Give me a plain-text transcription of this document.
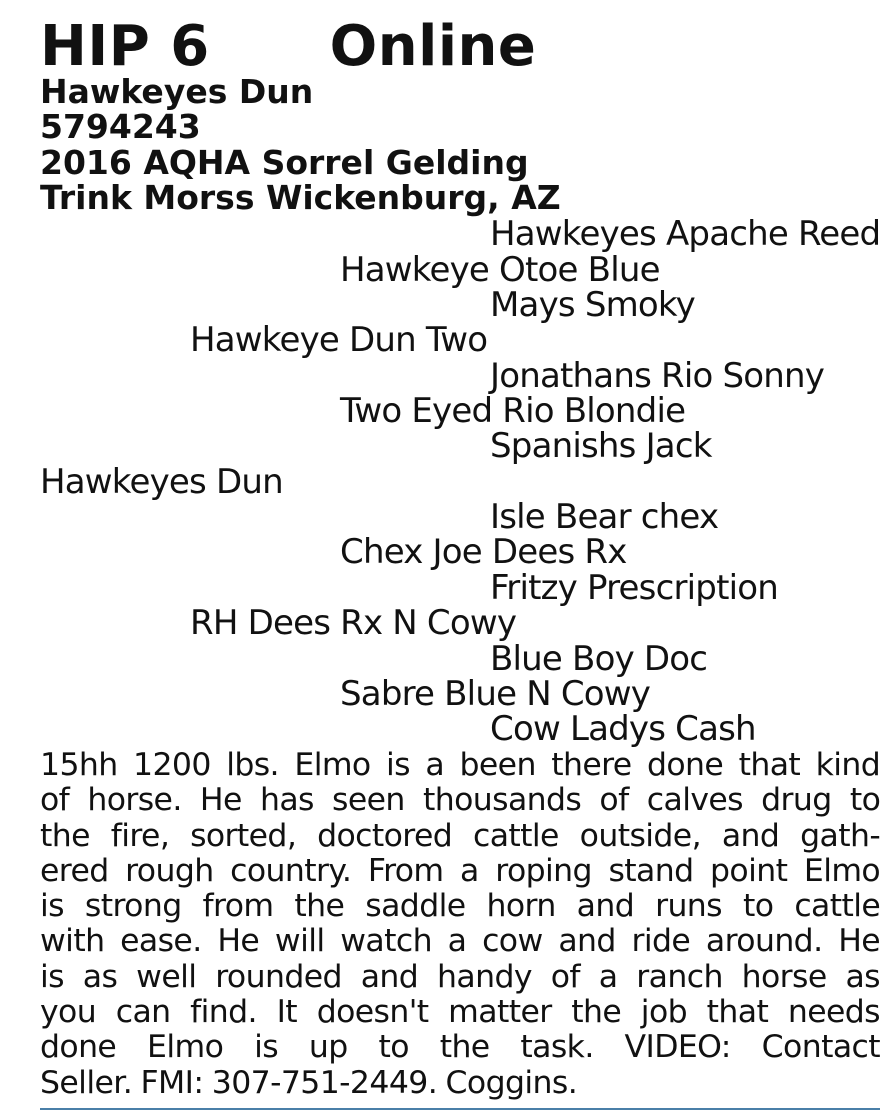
HIP 6      Online
Hawkeyes Dun
5794243
2016 AQHA Sorrel Gelding
Trink Morss Wickenburg, AZ
Hawkeyes Apache Reed
Hawkeye Otoe Blue
Mays Smoky
Hawkeye Dun Two
Jonathans Rio Sonny
Two Eyed Rio Blondie
Spanishs Jack
Hawkeyes Dun
Isle Bear chex
Chex Joe Dees Rx
Fritzy Prescription
RH Dees Rx N Cowy
Blue Boy Doc
Sabre Blue N Cowy
Cow Ladys Cash
15hh 1200 lbs. Elmo is a been there done that kind
of horse. He has seen thousands of calves drug to
the fire, sorted, doctored cattle outside, and gath-
ered rough country. From a roping stand point Elmo
is strong from the saddle horn and runs to cattle
with ease. He will watch a cow and ride around. He
is as well rounded and handy of a ranch horse as
you can find. It doesn't matter the job that needs
done Elmo is up to the task. VIDEO: Contact
Seller. FMI: 307-751-2449. Coggins.
